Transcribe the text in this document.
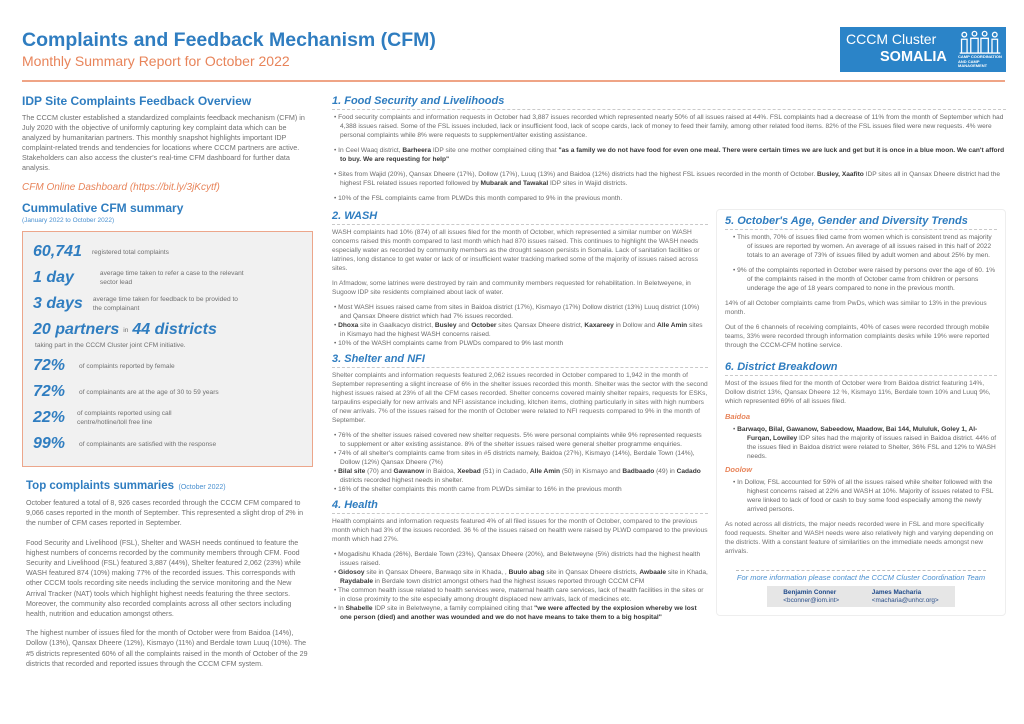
Complaints and Feedback Mechanism (CFM)
Monthly Summary Report for October 2022
CCCM Cluster
SOMALIA	CAMP COORDINATION AND CAMP MANAGEMENT
IDP Site Complaints Feedback Overview

The CCCM cluster established a standardized complaints feedback mechanism (CFM) in July 2020 with the objective of uniformly capturing key complaint data which can be analyzed by humanitarian partners. This monthly snapshot highlights important IDP complaint-related trends and tendencies for locations where CCCM partners are active. Stakeholders can also access the cluster's real-time CFM dashboard for further data analysis.

CFM Online Dashboard (https://bit.ly/3jKcytf)
Cummulative CFM summary
(January 2022 to October 2022)
60,741 registered total complaints
1 day	average time taken to refer a case to the relevant sector lead
3 days average time taken for feedback to be provided to the complainant
20 partners in 44 districts
taking part in the CCCM Cluster joint CFM initiative.
72% of complaints reported by female
72% of complainants are at the age of 30 to 59 years
22% of complaints reported using call centre/hotline/toll free line
99% of complainants are satisfied with the response
Top complaints summaries (October 2022)

October featured a total of 8, 926 cases recorded through the CCCM CFM compared to 9,066 cases reported in the month of September. This represented a slight drop of 2% in the number of CFM cases reported in September.

Food Security and Livelihood (FSL), Shelter and WASH needs continued to feature the highest numbers of concerns recorded by the community members through CFM. Food Security and Livelihood (FSL) featured 3,887 (44%), Shelter featured 2,062 (23%) while WASH featured 874 (10%) making 77% of the recorded issues. This corresponds with other CCCM tools recording site needs including the service monitoring and the New Arrival Tracker (NAT) tools which highlight highest needs featuring the three sectors. Moreover, the community also recorded complaints across all other sectors including health, nutrition and education amongst others.

The highest number of issues filed for the month of October were from Baidoa (14%), Dollow (13%), Qansax Dheere (12%), Kismayo (11%) and Berdale town Luuq (10%). The #5 districts represented 60% of all the complaints raised in the month of October of the 29 districts that recorded and reported issues through the CCCM CFM system.

1. Food Security and Livelihoods
• Food security complaints and information requests in October had 3,887 issues recorded which represented nearly 50% of all issues raised at 44%. FSL complaints had a decrease of 11% from the month of September which had 4,388 issues raised. Some of the FSL issues included, lack or insufficient food, lack of scope cards, lack of money to feed their family, among other related food items. 82% of the FSL issues filed were new requests. 4% were personal complaints while 8% were requests to supplement/alter existing assistance.
• In Ceel Waaq district, Barheera IDP site one mother complained citing that "as a family we do not have food for even one meal. There were certain times we are luck and get but it is once in a blue moon. We can't afford to buy. We are requesting for help"
• Sites from Wajid (20%), Qansax Dheere (17%), Dollow (17%), Luuq (13%) and Baidoa (12%) districts had the highest FSL issues recorded in the month of October. Busley, Xaafito IDP sites all in Qansax Dheere district had the highest FSL related issues reported followed by Mubarak and Tawakal IDP sites in Wajid districts.
• 10% of the FSL complaints came from PLWDs this month compared to 9% in the previous month.
2. WASH

WASH complaints had 10% (874) of all issues filed for the month of October, which represented a similar number on WASH concerns raised this month compared to last month which had 870 issues raised. This continues to highlight the WASH needs especially water as recorded by community members as the drought season persists in Somalia. Lack of sanitation facilities or latrines, long distance to get water or lack of or insufficient water tracking marked some of the majority of issues raised across sites.

In Afmadow, some latrines were destroyed by rain and community members requested for rehabilitation. In Beletweyene, in Sugoow IDP site residents complained about lack of water.

• Most WASH issues raised came from sites in Baidoa district (17%), Kismayo (17%) Dollow district (13%) Luuq district (10%) and Qansax Dheere district which had 7% issues recorded.
• Dhoxa site in Gaalkacyo district, Busley and October sites Qansax Dheere district, Kaxareey in Dollow and Alle Amin sites in Kismayo had the highest WASH concerns raised.
• 10% of the WASH complaints came from PLWDs compared to 9% last month
3. Shelter and NFI

Shelter complaints and information requests featured 2,062 issues recorded in October compared to 1,942 in the month of September representing a slight increase of 6% in the shelter issues recorded this month. Shelter was the sector with the second highest issues raised at 23% of all the CFM cases recorded. Shelter concerns covered mainly shelter repairs, requests for ESKs, tarpaulins especially for new arrivals and NFI assistance including, kitchen items, clothing particularly in sites with high numbers of new arrivals. 7% of the issues raised for the month of October were related to NFI requests compared to 9% in the month of September.

• 76% of the shelter issues raised covered new shelter requests. 5% were personal complaints while 9% represented requests to supplement or alter existing assistance. 8% of the shelter issues raised were general shelter programme enquiries.
• 74% of all shelter's complaints came from sites in #5 districts namely, Baidoa (27%), Kismayo (14%), Berdale Town (14%), Dollow (12%) Qansax Dheere (7%)
• Bilal site (70) and Gawanow in Baidoa, Xeebad (51) in Cadado, Alle Amin (50) in Kismayo and Badbaado (49) in Cadado districts recorded highest needs in shelter.
• 16% of the shelter complaints this month came from PLWDs similar to 16% in the previous month
4. Health

Health complaints and information requests featured 4% of all filed issues for the month of October, compared to the previous month which had 3% of the issues recorded. 36 % of the issues raised on health were raised by PLWD compared to the previous month which had 27%.

• Mogadishu Khada (26%), Berdale Town (23%), Qansax Dheere (20%), and Beletweyne (5%) districts had the highest health issues raised.
• Gidosoy site in Qansax Dheere, Barwaqo site in Khada, , Buulo abag site in Qansax Dheere districts, Awbaale site in Khada, Raydabale in Berdale town district amongst others had the highest issues reported through CCCM CFM
• The common health issue related to health services were, maternal health care services, lack of health facilities in the sites or in close proximity to the site especially among drought displaced new arrivals, lack of medicines etc.
• In Shabelle IDP site in Beletweyne, a family complained citing that "we were affected by the explosion whereby we lost one person (died) and another was wounded and we do not have means to take them to a big hospital"
5. October's Age, Gender and Diversity Trends
• This month, 70% of issues filed came from women which is consistent trend as majority of issues are reported by women. An average of all issues raised in this half of 2022 totals to an average of 73% of issues filled by adult women and about 25% by men.
• 9% of the complaints reported in October were raised by persons over the age of 60. 1% of the complaints raised in the month of October came from children or persons underage the age of 18 years compared to none in the previous month.

14% of all October complaints came from PwDs, which was similar to 13% in the previous month.

Out of the 6 channels of receiving complaints, 40% of cases were recorded through mobile teams, 33% were recorded through information complaints desks while 19% were reported through the CCCM-CFM hotline service.

6. District Breakdown

Most of the issues filed for the month of October were from Baidoa district featuring 14%, Dollow district 13%, Qansax Dheere 12 %, Kismayo 11%, Berdale town 10% and Luuq 9%, which represented 69% of all issues filed.

Baidoa
• Barwaqo, Bilal, Gawanow, Sabeedow, Maadow, Bai 144, Mululuk, Goley 1, Al-Furqan, Lowiley IDP sites had the majority of issues raised in Baidoa district. 44% of the issues filed in Baidoa district were related to Shelter, 36% FSL and 12% to WASH needs.
Doolow
• In Dollow, FSL accounted for 59% of all the issues raised while shelter followed with the highest concerns raised at 22% and WASH at 10%. Majority of issues related to FSL were linked to lack of food or cash to buy some food especially among the newly arrived persons.

As noted across all districts, the major needs recorded were in FSL and more specifically food requests. Shelter and WASH needs were also relatively high and varying depending on the districts. With a constant feature of similarities on the immediate needs amongst new arrivals.

For more information please contact the CCCM Cluster Coordination Team
Benjamin Conner
<bconner@iom.int>
James Macharia
<macharia@unhcr.org>
